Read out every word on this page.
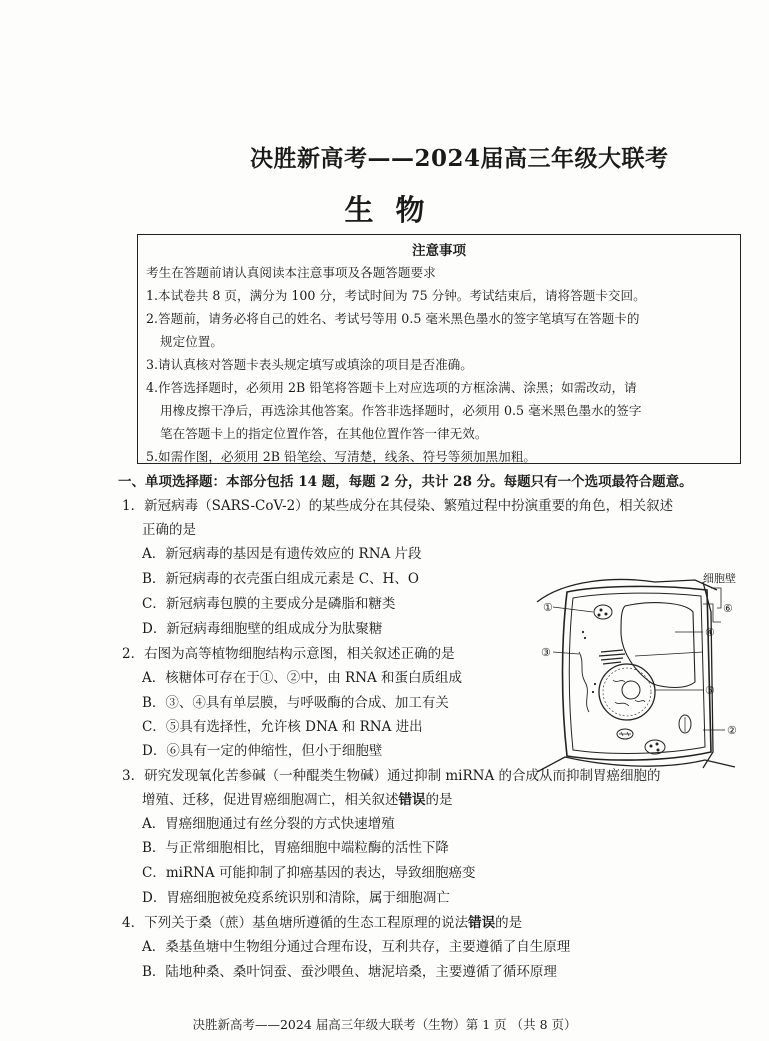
决胜新高考——2024届高三年级大联考
生物
注意事项
考生在答题前请认真阅读本注意事项及各题答题要求
1.本试卷共 8 页，满分为 100 分，考试时间为 75 分钟。考试结束后，请将答题卡交回。
2.答题前，请务必将自己的姓名、考试号等用 0.5 毫米黑色墨水的签字笔填写在答题卡的
规定位置。
3.请认真核对答题卡表头规定填写或填涂的项目是否准确。
4.作答选择题时，必须用 2B 铅笔将答题卡上对应选项的方框涂满、涂黑；如需改动，请
用橡皮擦干净后，再选涂其他答案。作答非选择题时，必须用 0.5 毫米黑色墨水的签字
笔在答题卡上的指定位置作答，在其他位置作答一律无效。
5.如需作图，必须用 2B 铅笔绘、写清楚，线条、符号等须加黑加粗。
一、单项选择题：本部分包括 14 题，每题 2 分，共计 28 分。每题只有一个选项最符合题意。
1．新冠病毒（SARS-CoV-2）的某些成分在其侵染、繁殖过程中扮演重要的角色，相关叙述
正确的是
A．新冠病毒的基因是有遗传效应的 RNA 片段
B．新冠病毒的衣壳蛋白组成元素是 C、H、O
C．新冠病毒包膜的主要成分是磷脂和糖类
D．新冠病毒细胞壁的组成成分为肽聚糖
2．右图为高等植物细胞结构示意图，相关叙述正确的是
A．核糖体可存在于①、②中，由 RNA 和蛋白质组成
B．③、④具有单层膜，与呼吸酶的合成、加工有关
C．⑤具有选择性，允许核 DNA 和 RNA 进出
D．⑥具有一定的伸缩性，但小于细胞壁
3．研究发现氧化苦参碱（一种醌类生物碱）通过抑制 miRNA 的合成从而抑制胃癌细胞的
增殖、迁移，促进胃癌细胞凋亡，相关叙述错误的是
A．胃癌细胞通过有丝分裂的方式快速增殖
B．与正常细胞相比，胃癌细胞中端粒酶的活性下降
C．miRNA 可能抑制了抑癌基因的表达，导致细胞癌变
D．胃癌细胞被免疫系统识别和清除，属于细胞凋亡
4．下列关于桑（蔗）基鱼塘所遵循的生态工程原理的说法错误的是
A．桑基鱼塘中生物组分通过合理布设，互利共存，主要遵循了自生原理
B．陆地种桑、桑叶饲蚕、蚕沙喂鱼、塘泥培桑，主要遵循了循环原理
①
②
③
④
⑤
⑥
细胞壁
决胜新高考——2024 届高三年级大联考（生物）第 1 页 （共 8 页）
